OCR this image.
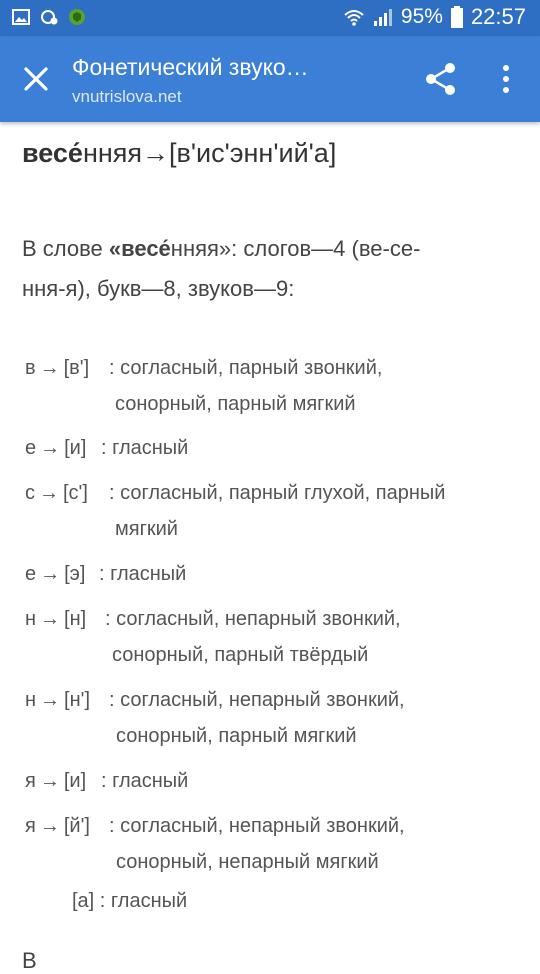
95% 22:57
Фонетический звуко…
vnutrislova.net
весе́нняя→[в'ис'энн'ий'а]
В слове «весе́нняя»: слогов—4 (ве-се-
ння-я), букв—8, звуков—9:
в → [в'] : согласный, парный звонкий,
сонорный, парный мягкий
е → [и] : гласный
с → [с'] : согласный, парный глухой, парный
мягкий
е → [э] : гласный
н → [н] : согласный, непарный звонкий,
сонорный, парный твёрдый
н → [н'] : согласный, непарный звонкий,
сонорный, парный мягкий
я → [и] : гласный
я → [й'] : согласный, непарный звонкий,
сонорный, непарный мягкий
[а] : гласный
В
